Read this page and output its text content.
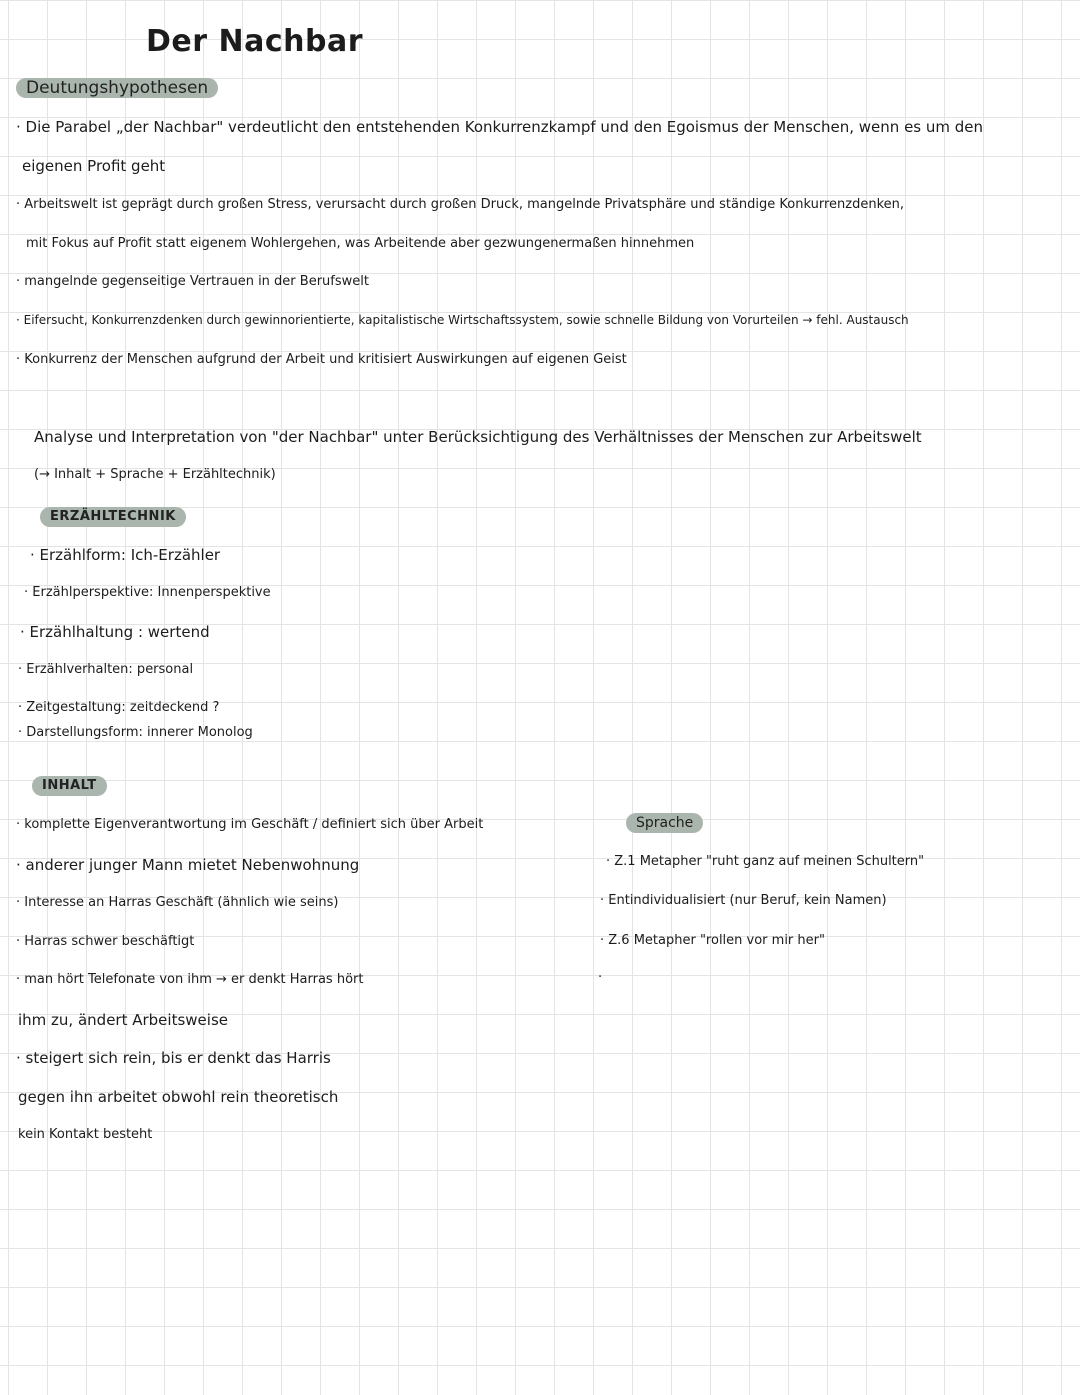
Der Nachbar
Deutungshypothesen
· Die Parabel „der Nachbar" verdeutlicht den entstehenden Konkurrenzkampf und den Egoismus der Menschen, wenn es um den
eigenen Profit geht
· Arbeitswelt ist geprägt durch großen Stress, verursacht durch großen Druck, mangelnde Privatsphäre und ständige Konkurrenzdenken,
mit Fokus auf Profit statt eigenem Wohlergehen, was Arbeitende aber gezwungenermaßen hinnehmen
· mangelnde gegenseitige Vertrauen in der Berufswelt
· Eifersucht, Konkurrenzdenken durch gewinnorientierte, kapitalistische Wirtschaftssystem, sowie schnelle Bildung von Vorurteilen → fehl. Austausch
· Konkurrenz der Menschen aufgrund der Arbeit und kritisiert Auswirkungen auf eigenen Geist
Analyse und Interpretation von "der Nachbar" unter Berücksichtigung des Verhältnisses der Menschen zur Arbeitswelt
(→ Inhalt + Sprache + Erzähltechnik)
ERZÄHLTECHNIK
· Erzählform: Ich-Erzähler
· Erzählperspektive: Innenperspektive
· Erzählhaltung : wertend
· Erzählverhalten: personal
· Zeitgestaltung: zeitdeckend ?
· Darstellungsform: innerer Monolog
INHALT
· komplette Eigenverantwortung im Geschäft / definiert sich über Arbeit
· anderer junger Mann mietet Nebenwohnung
· Interesse an Harras Geschäft (ähnlich wie seins)
· Harras schwer beschäftigt
· man hört Telefonate von ihm → er denkt Harras hört
ihm zu, ändert Arbeitsweise
· steigert sich rein, bis er denkt das Harris
gegen ihn arbeitet obwohl rein theoretisch
kein Kontakt besteht
Sprache
· Z.1 Metapher "ruht ganz auf meinen Schultern"
· Entindividualisiert (nur Beruf, kein Namen)
· Z.6 Metapher "rollen vor mir her"
·
